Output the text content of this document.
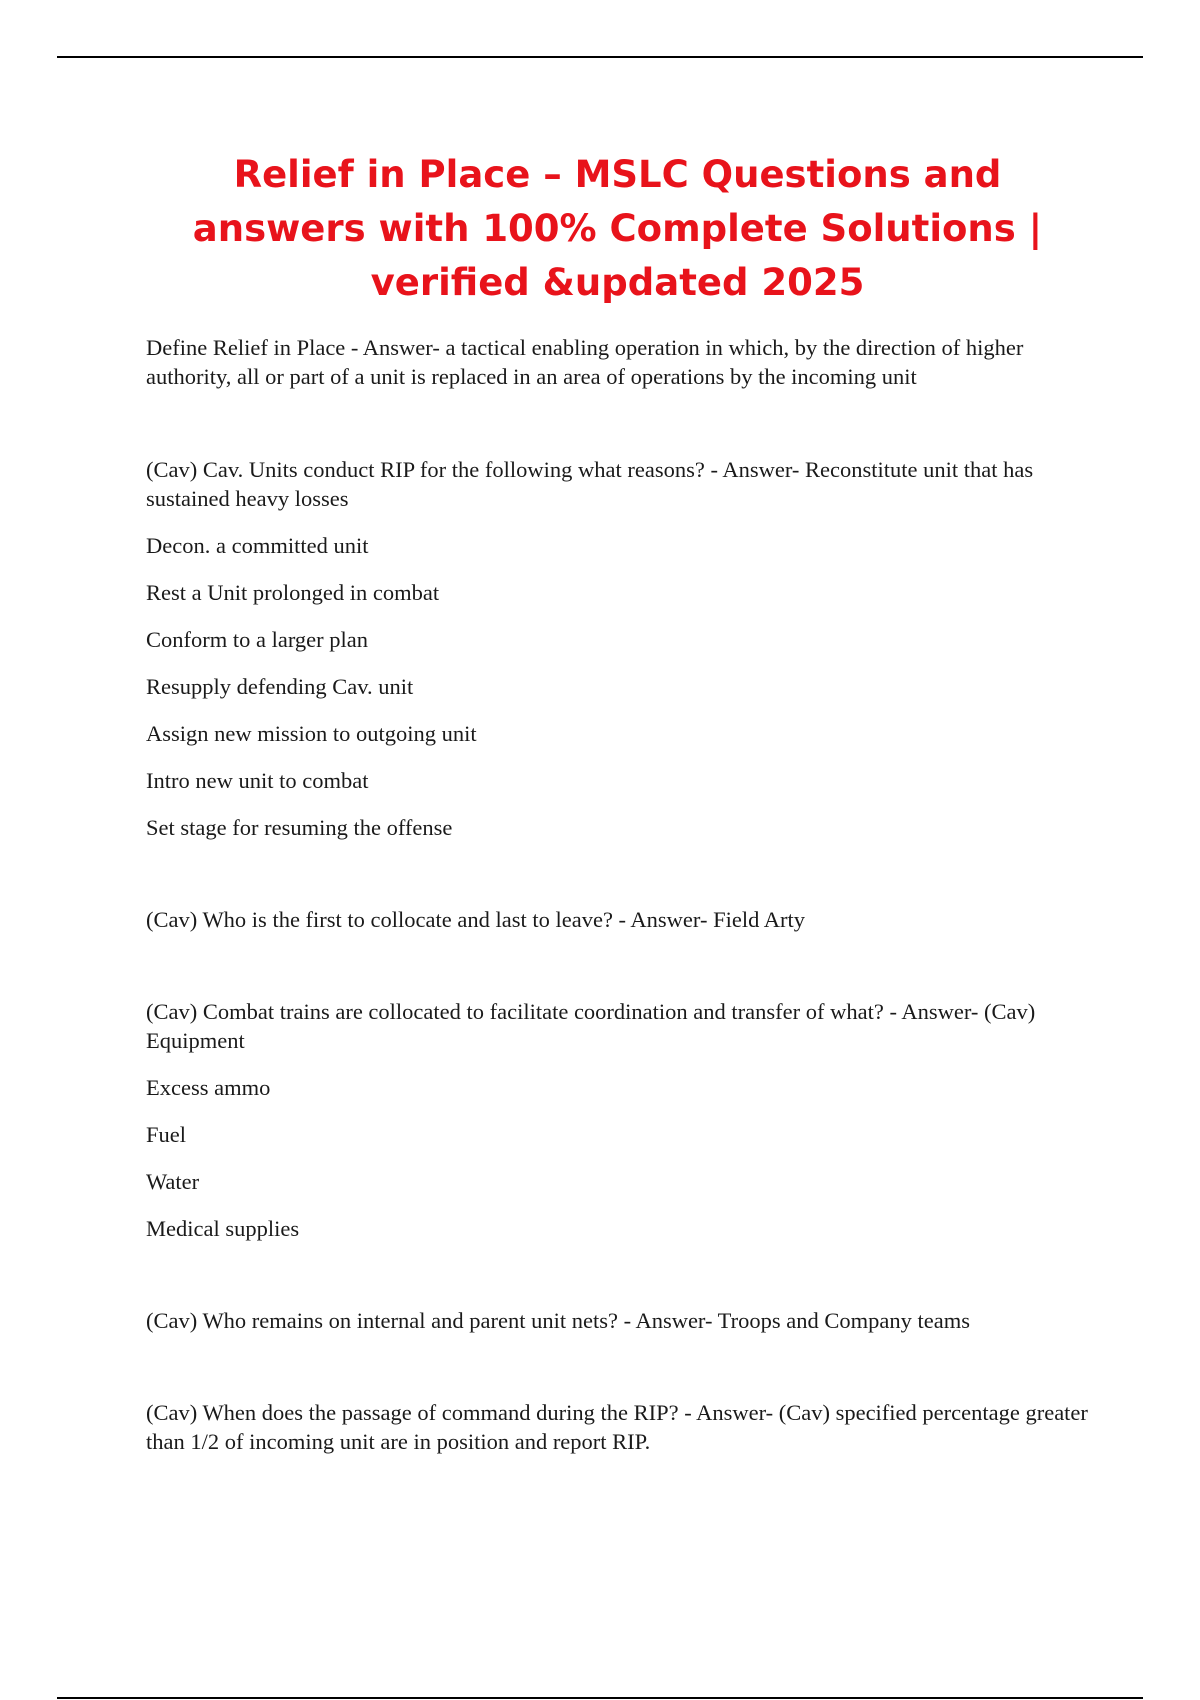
Relief in Place – MSLC Questions and answers with 100% Complete Solutions | verified &updated 2025

Define Relief in Place - Answer- a tactical enabling operation in which, by the direction of higher authority, all or part of a unit is replaced in an area of operations by the incoming unit

(Cav) Cav. Units conduct RIP for the following what reasons? - Answer- Reconstitute unit that has sustained heavy losses

Decon. a committed unit

Rest a Unit prolonged in combat

Conform to a larger plan

Resupply defending Cav. unit

Assign new mission to outgoing unit

Intro new unit to combat

Set stage for resuming the offense

(Cav) Who is the first to collocate and last to leave? - Answer- Field Arty

(Cav) Combat trains are collocated to facilitate coordination and transfer of what? - Answer- (Cav) Equipment

Excess ammo

Fuel

Water

Medical supplies

(Cav) Who remains on internal and parent unit nets? - Answer- Troops and Company teams

(Cav) When does the passage of command during the RIP? - Answer- (Cav) specified percentage greater than 1/2 of incoming unit are in position and report RIP.
